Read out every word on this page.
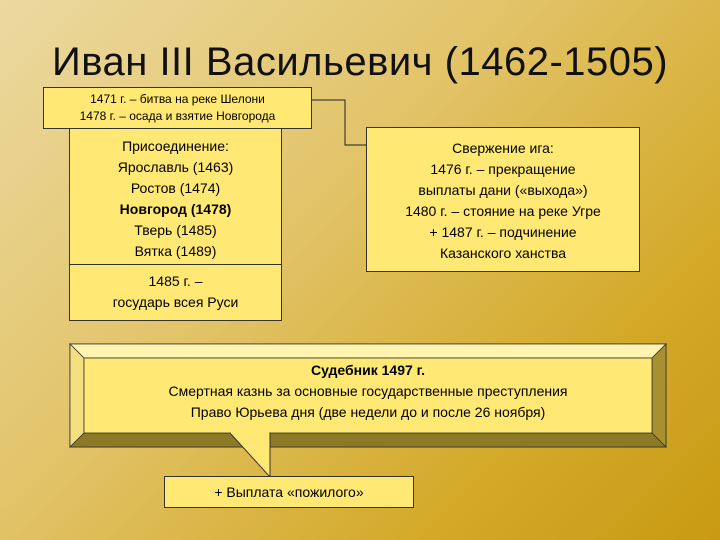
Иван III Васильевич (1462-1505)
Присоединение:
Ярославль (1463)
Ростов (1474)
Новгород (1478)
Тверь (1485)
Вятка (1489)
1485 г. –
государь всея Руси
1471 г. – битва на реке Шелони
1478 г. – осада и взятие Новгорода
Свержение ига:
1476 г. – прекращение
выплаты дани («выхода»)
1480 г. – стояние на реке Угре
+ 1487 г. – подчинение
Казанского ханства
Судебник 1497 г.
Смертная казнь за основные государственные преступления
Право Юрьева дня (две недели до и после 26 ноября)
+ Выплата «пожилого»
